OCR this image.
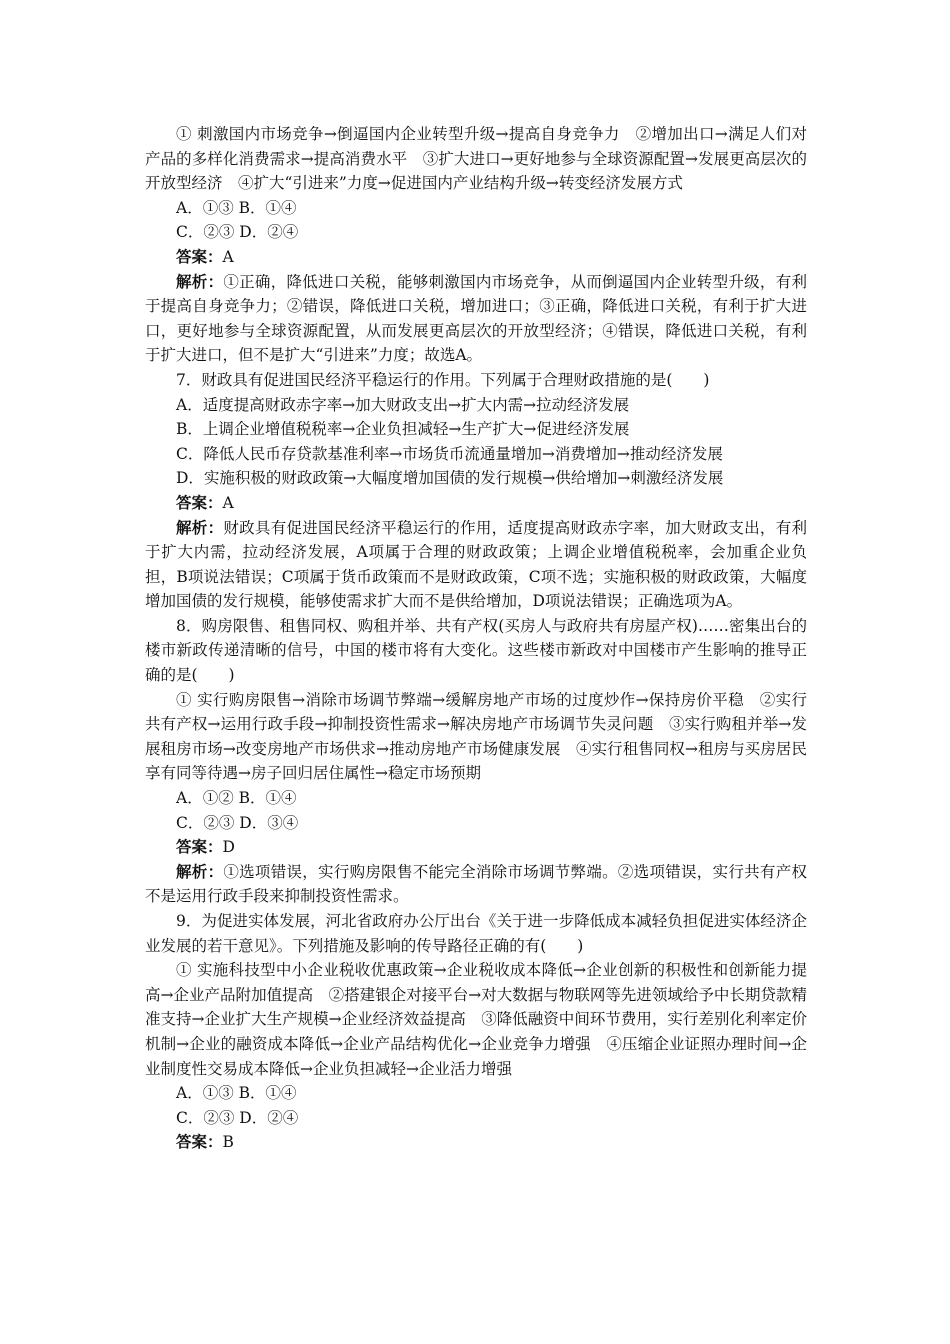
① 刺激国内市场竞争→倒逼国内企业转型升级→提高自身竞争力　②增加出口→满足人们对产品的多样化消费需求→提高消费水平　③扩大进口→更好地参与全球资源配置→发展更高层次的开放型经济　④扩大“引进来”力度→促进国内产业结构升级→转变经济发展方式

A．①③ B．①④

C．②③ D．②④

答案：A

解析：①正确，降低进口关税，能够刺激国内市场竞争，从而倒逼国内企业转型升级，有利于提高自身竞争力；②错误，降低进口关税，增加进口；③正确，降低进口关税，有利于扩大进口，更好地参与全球资源配置，从而发展更高层次的开放型经济；④错误，降低进口关税，有利于扩大进口，但不是扩大“引进来”力度；故选A。

7．财政具有促进国民经济平稳运行的作用。下列属于合理财政措施的是(　　)

A．适度提高财政赤字率→加大财政支出→扩大内需→拉动经济发展

B．上调企业增值税税率→企业负担减轻→生产扩大→促进经济发展

C．降低人民币存贷款基准利率→市场货币流通量增加→消费增加→推动经济发展

D．实施积极的财政政策→大幅度增加国债的发行规模→供给增加→刺激经济发展

答案：A

解析：财政具有促进国民经济平稳运行的作用，适度提高财政赤字率，加大财政支出，有利于扩大内需，拉动经济发展，A项属于合理的财政政策；上调企业增值税税率，会加重企业负担，B项说法错误；C项属于货币政策而不是财政政策，C项不选；实施积极的财政政策，大幅度增加国债的发行规模，能够使需求扩大而不是供给增加，D项说法错误；正确选项为A。

8．购房限售、租售同权、购租并举、共有产权(买房人与政府共有房屋产权)……密集出台的楼市新政传递清晰的信号，中国的楼市将有大变化。这些楼市新政对中国楼市产生影响的推导正确的是(　　)

① 实行购房限售→消除市场调节弊端→缓解房地产市场的过度炒作→保持房价平稳　②实行共有产权→运用行政手段→抑制投资性需求→解决房地产市场调节失灵问题　③实行购租并举→发展租房市场→改变房地产市场供求→推动房地产市场健康发展　④实行租售同权→租房与买房居民享有同等待遇→房子回归居住属性→稳定市场预期

A．①② B．①④

C．②③ D．③④

答案：D

解析：①选项错误，实行购房限售不能完全消除市场调节弊端。②选项错误，实行共有产权不是运用行政手段来抑制投资性需求。

9．为促进实体发展，河北省政府办公厅出台《关于进一步降低成本减轻负担促进实体经济企业发展的若干意见》。下列措施及影响的传导路径正确的有(　　)

① 实施科技型中小企业税收优惠政策→企业税收成本降低→企业创新的积极性和创新能力提高→企业产品附加值提高　②搭建银企对接平台→对大数据与物联网等先进领域给予中长期贷款精准支持→企业扩大生产规模→企业经济效益提高　③降低融资中间环节费用，实行差别化利率定价机制→企业的融资成本降低→企业产品结构优化→企业竞争力增强　④压缩企业证照办理时间→企业制度性交易成本降低→企业负担减轻→企业活力增强

A．①③ B．①④

C．②③ D．②④

答案：B
